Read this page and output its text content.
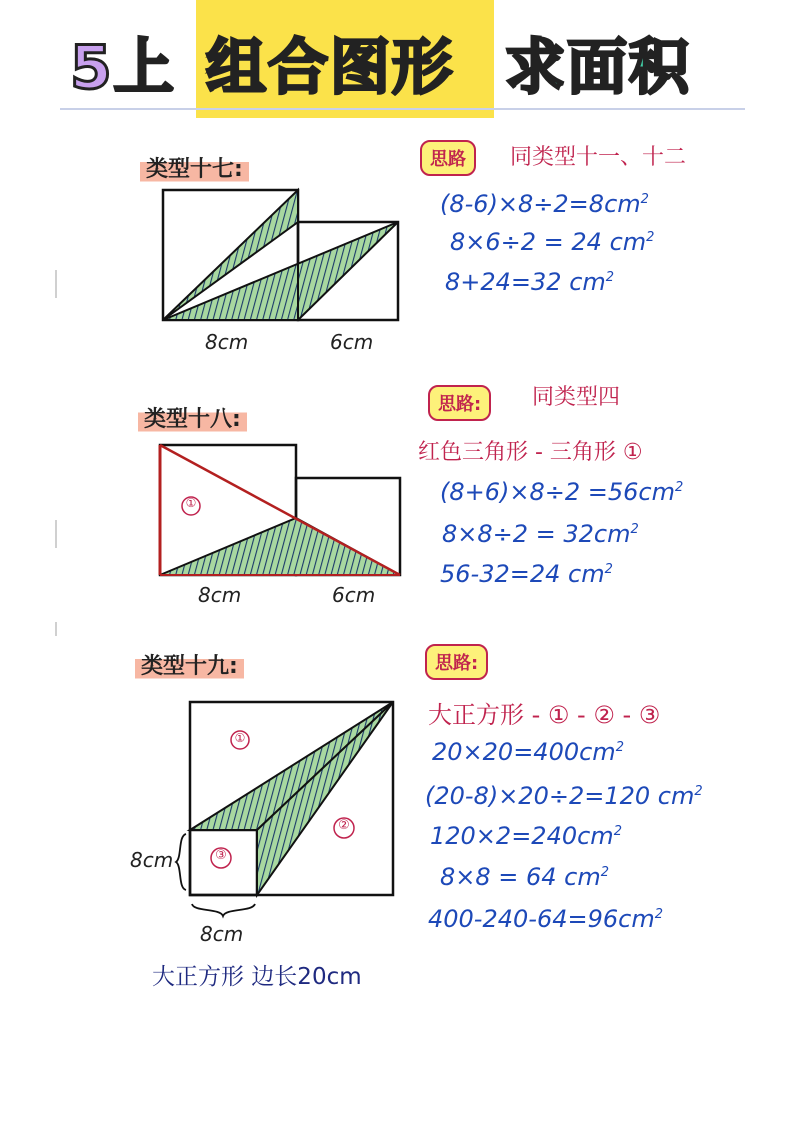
5上 组合图形 求面积
类型十七:
8cm	6cm
思路	同类型十一、十二
$(8-6)\times 8\div 2=8cm^2$
8×6÷2 = 24 $cm^2$
8+24=32 $cm^2$
类型十八:
①
8cm	6cm
思路:	同类型四
红色三角形 - 三角形 ①
$(8+6)\times 8\div 2 =56cm^2$
$8\times 8\div 2 = 32cm^2$
56-32=24 $cm^2$
类型十九:
①
②
③
8cm
8cm
大正方形 边长20cm
思路:
大正方形 - ① - ② - ③
$20\times 20=400cm^2$
(20-8)×20÷2=120 $cm^2$
$120\times 2=240cm^2$
8×8 = 64 $cm^2$
$400-240-64=96cm^2$
